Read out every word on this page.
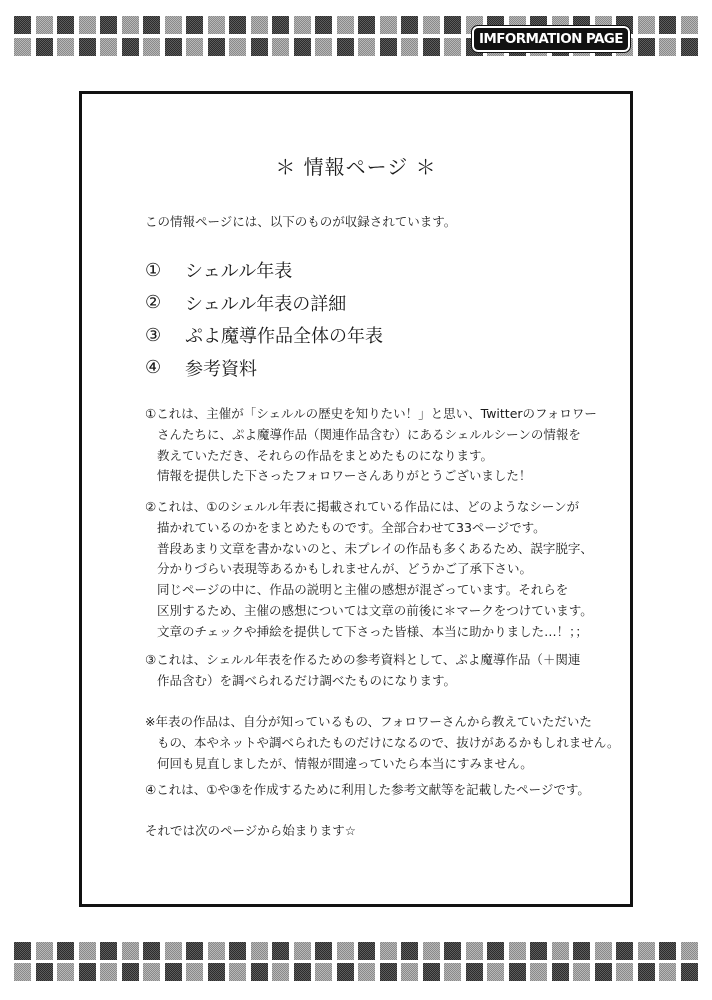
IMFORMATION PAGE
＊ 情報ページ ＊
この情報ページには、以下のものが収録されています。
①	シェルル年表
②	シェルル年表の詳細
③	ぷよ魔導作品全体の年表
④	参考資料
①これは、主催が「シェルルの歴史を知りたい！」と思い、Twitterのフォロワー
さんたちに、ぷよ魔導作品（関連作品含む）にあるシェルルシーンの情報を
教えていただき、それらの作品をまとめたものになります。
情報を提供した下さったフォロワーさんありがとうございました！
②これは、①のシェルル年表に掲載されている作品には、どのようなシーンが
描かれているのかをまとめたものです。全部合わせて33ページです。
普段あまり文章を書かないのと、未プレイの作品も多くあるため、誤字脱字、
分かりづらい表現等あるかもしれませんが、どうかご了承下さい。
同じページの中に、作品の説明と主催の感想が混ざっています。それらを
区別するため、主催の感想については文章の前後に＊マークをつけています。
文章のチェックや挿絵を提供して下さった皆様、本当に助かりました…！；；
③これは、シェルル年表を作るための参考資料として、ぷよ魔導作品（＋関連
作品含む）を調べられるだけ調べたものになります。
※年表の作品は、自分が知っているもの、フォロワーさんから教えていただいた
もの、本やネットや調べられたものだけになるので、抜けがあるかもしれません。
何回も見直しましたが、情報が間違っていたら本当にすみません。
④これは、①や③を作成するために利用した参考文献等を記載したページです。
それでは次のページから始まります☆
